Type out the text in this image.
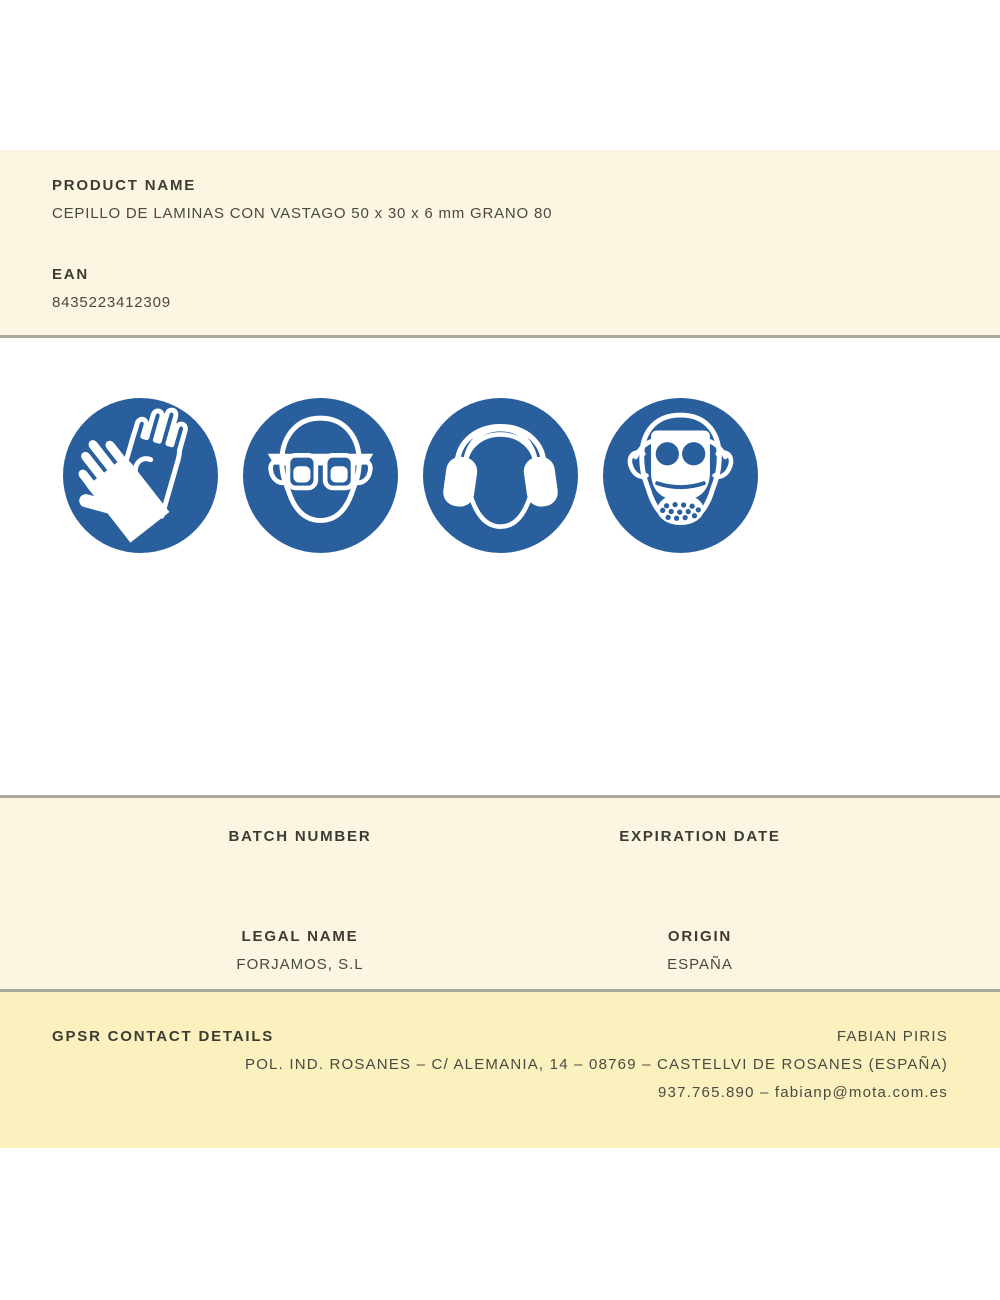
PRODUCT NAME
CEPILLO DE LAMINAS CON VASTAGO 50 x 30 x 6 mm GRANO 80
EAN
8435223412309
BATCH NUMBER	EXPIRATION DATE
LEGAL NAME
FORJAMOS, S.L
ORIGIN
ESPAÑA
GPSR CONTACT DETAILS	FABIAN PIRIS
POL. IND. ROSANES – C/ ALEMANIA, 14 – 08769 – CASTELLVI DE ROSANES (ESPAÑA)
937.765.890 – fabianp@mota.com.es
